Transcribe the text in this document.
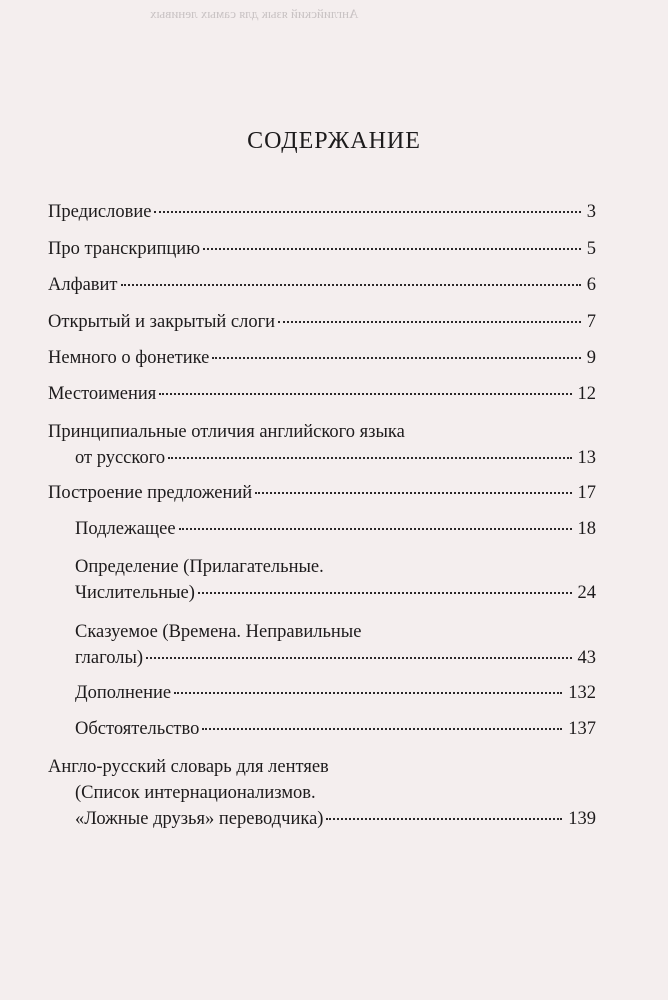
Английский язык для самых ленивых
СОДЕРЖАНИЕ
Предисловие	3
Про транскрипцию	5
Алфавит	6
Открытый и закрытый слоги	7
Немного о фонетике	9
Местоимения	12
Принципиальные отличия английского языка
от русского	13
Построение предложений	17
Подлежащее	18
Определение (Прилагательные.
Числительные)	24
Сказуемое (Времена. Неправильные
глаголы)	43
Дополнение	132
Обстоятельство	137
Англо-русский словарь для лентяев
(Список интернационализмов.
«Ложные друзья» переводчика)	139
